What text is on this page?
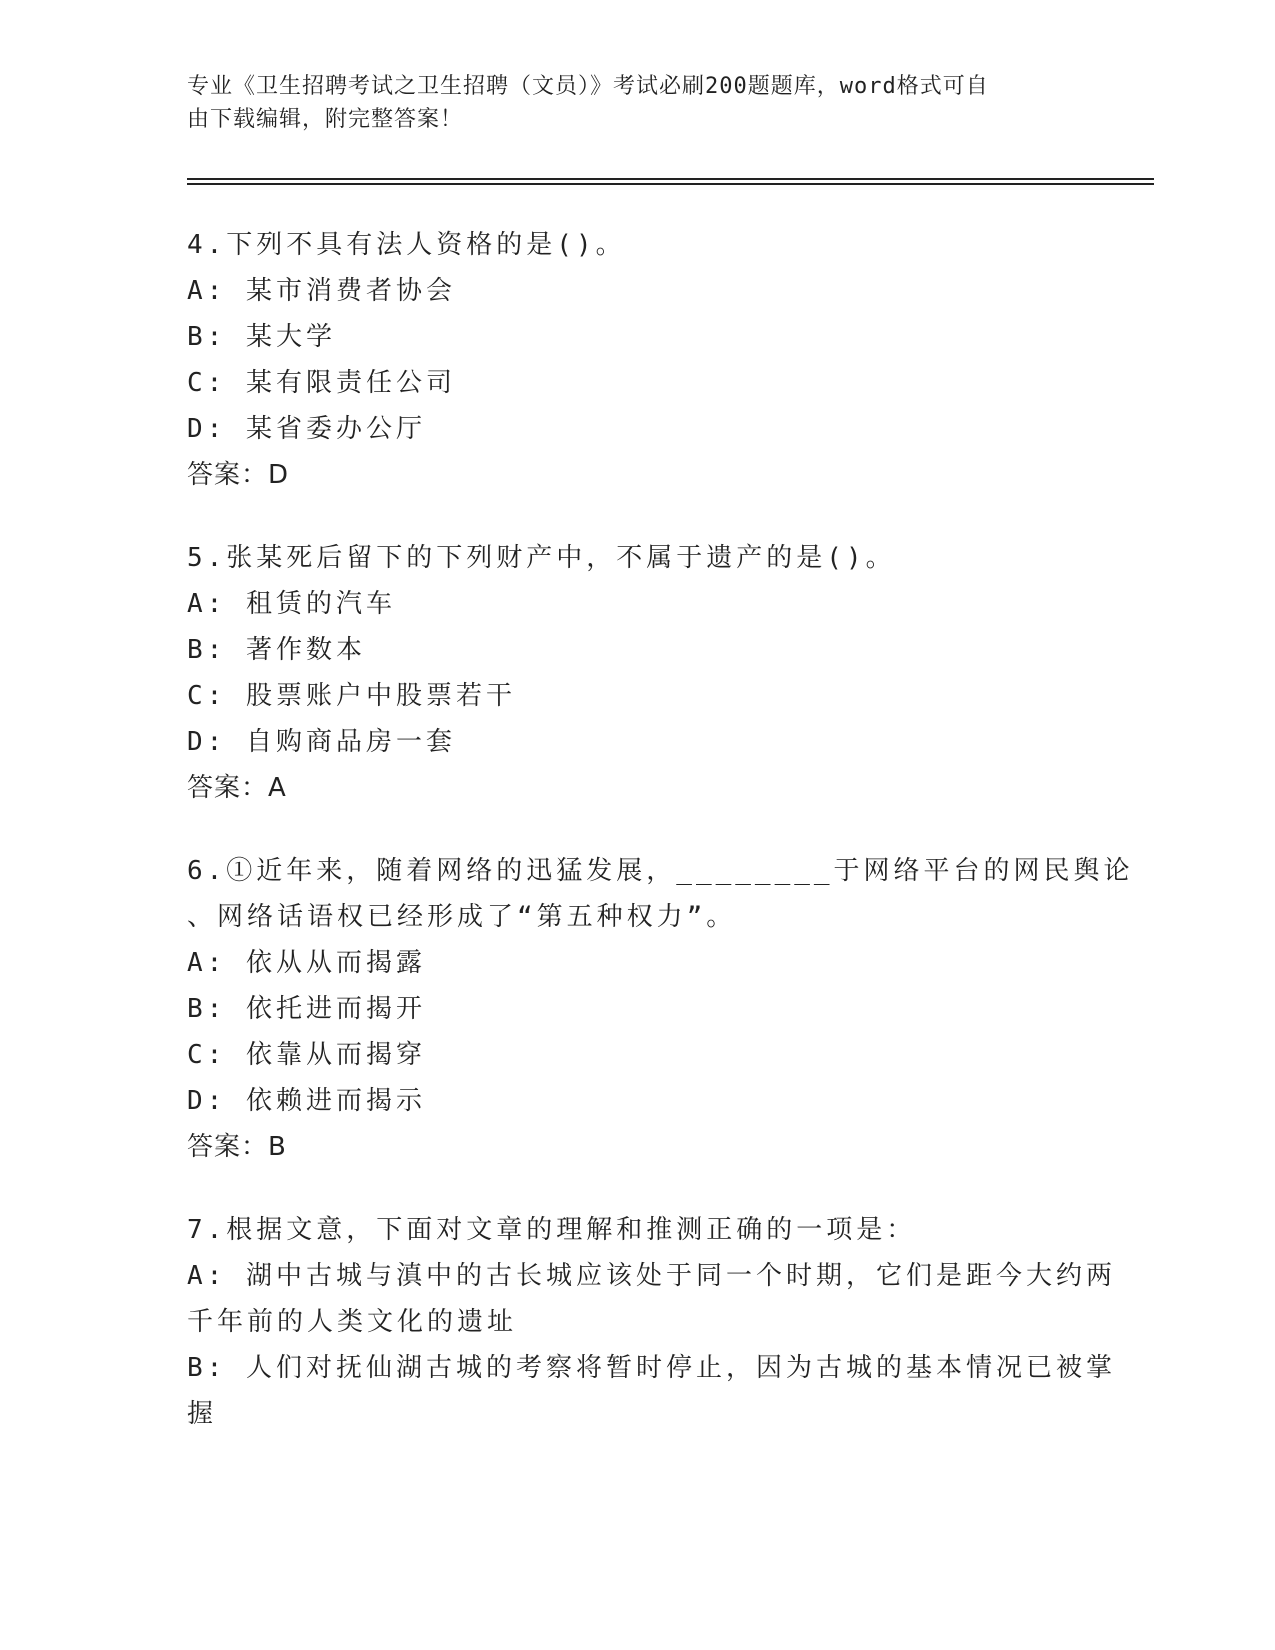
专业《卫生招聘考试之卫生招聘（文员）》考试必刷200题题库，word格式可自
由下载编辑，附完整答案！
4.下列不具有法人资格的是()。
A: 某市消费者协会
B: 某大学
C: 某有限责任公司
D: 某省委办公厅
答案：D
5.张某死后留下的下列财产中，不属于遗产的是()。
A: 租赁的汽车
B: 著作数本
C: 股票账户中股票若干
D: 自购商品房一套
答案：A
6.①近年来，随着网络的迅猛发展，________于网络平台的网民舆论
、网络话语权已经形成了“第五种权力”。
A: 依从从而揭露
B: 依托进而揭开
C: 依靠从而揭穿
D: 依赖进而揭示
答案：B
7.根据文意，下面对文章的理解和推测正确的一项是：
A: 湖中古城与滇中的古长城应该处于同一个时期，它们是距今大约两
千年前的人类文化的遗址
B: 人们对抚仙湖古城的考察将暂时停止，因为古城的基本情况已被掌
握
